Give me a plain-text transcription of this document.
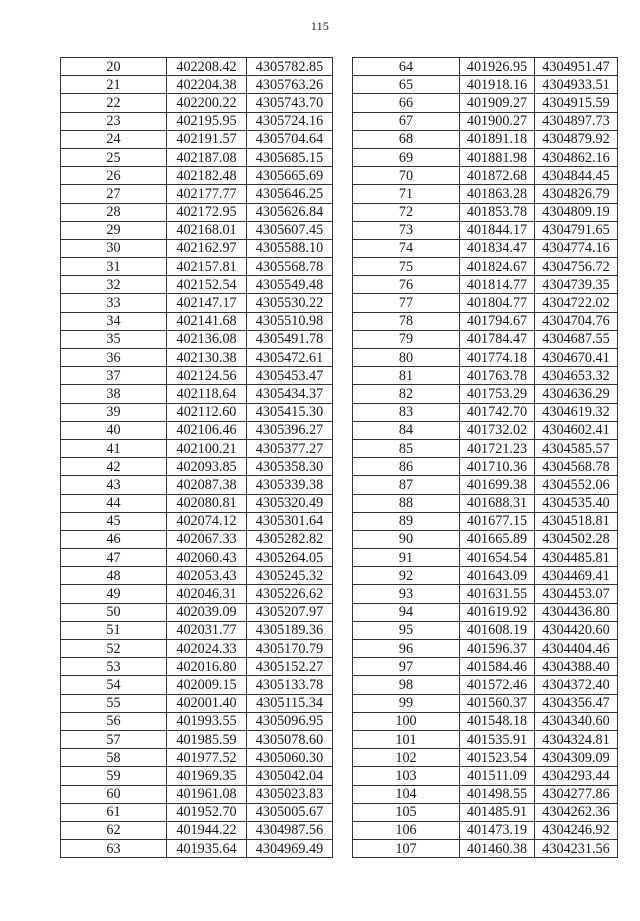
115
20	402208.42	4305782.85
21	402204.38	4305763.26
22	402200.22	4305743.70
23	402195.95	4305724.16
24	402191.57	4305704.64
25	402187.08	4305685.15
26	402182.48	4305665.69
27	402177.77	4305646.25
28	402172.95	4305626.84
29	402168.01	4305607.45
30	402162.97	4305588.10
31	402157.81	4305568.78
32	402152.54	4305549.48
33	402147.17	4305530.22
34	402141.68	4305510.98
35	402136.08	4305491.78
36	402130.38	4305472.61
37	402124.56	4305453.47
38	402118.64	4305434.37
39	402112.60	4305415.30
40	402106.46	4305396.27
41	402100.21	4305377.27
42	402093.85	4305358.30
43	402087.38	4305339.38
44	402080.81	4305320.49
45	402074.12	4305301.64
46	402067.33	4305282.82
47	402060.43	4305264.05
48	402053.43	4305245.32
49	402046.31	4305226.62
50	402039.09	4305207.97
51	402031.77	4305189.36
52	402024.33	4305170.79
53	402016.80	4305152.27
54	402009.15	4305133.78
55	402001.40	4305115.34
56	401993.55	4305096.95
57	401985.59	4305078.60
58	401977.52	4305060.30
59	401969.35	4305042.04
60	401961.08	4305023.83
61	401952.70	4305005.67
62	401944.22	4304987.56
63	401935.64	4304969.49
64	401926.95	4304951.47
65	401918.16	4304933.51
66	401909.27	4304915.59
67	401900.27	4304897.73
68	401891.18	4304879.92
69	401881.98	4304862.16
70	401872.68	4304844.45
71	401863.28	4304826.79
72	401853.78	4304809.19
73	401844.17	4304791.65
74	401834.47	4304774.16
75	401824.67	4304756.72
76	401814.77	4304739.35
77	401804.77	4304722.02
78	401794.67	4304704.76
79	401784.47	4304687.55
80	401774.18	4304670.41
81	401763.78	4304653.32
82	401753.29	4304636.29
83	401742.70	4304619.32
84	401732.02	4304602.41
85	401721.23	4304585.57
86	401710.36	4304568.78
87	401699.38	4304552.06
88	401688.31	4304535.40
89	401677.15	4304518.81
90	401665.89	4304502.28
91	401654.54	4304485.81
92	401643.09	4304469.41
93	401631.55	4304453.07
94	401619.92	4304436.80
95	401608.19	4304420.60
96	401596.37	4304404.46
97	401584.46	4304388.40
98	401572.46	4304372.40
99	401560.37	4304356.47
100	401548.18	4304340.60
101	401535.91	4304324.81
102	401523.54	4304309.09
103	401511.09	4304293.44
104	401498.55	4304277.86
105	401485.91	4304262.36
106	401473.19	4304246.92
107	401460.38	4304231.56
